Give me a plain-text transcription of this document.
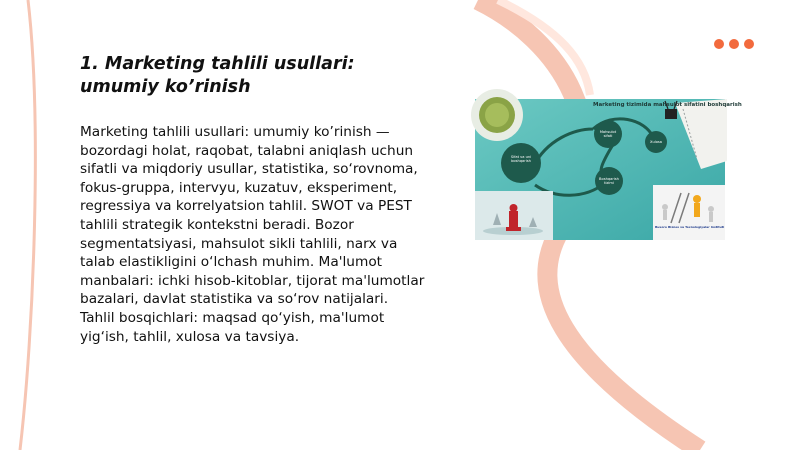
1. Marketing tahlili usullari: umumiy ko’rinish

Marketing tahlili usullari: umumiy ko’rinish — bozordagi holat, raqobat, talabni aniqlash uchun sifatli va miqdoriy usullar, statistika, so‘rovnoma, fokus-gruppa, intervyu, kuzatuv, eksperiment, regressiya va korrelyatsion tahlil. SWOT va PEST tahlili strategik kontekstni beradi. Bozor segmentatsiyasi, mahsulot sikli tahlili, narx va talab elastikligini o‘lchash muhim. Ma'lumot manbalari: ichki hisob-kitoblar, tijorat ma'lumotlar bazalari, davlat statistika va so‘rov natijalari. Tahlil bosqichlari: maqsad qo‘yish, ma'lumot yig‘ish, tahlil, xulosa va tavsiya.

Marketing tizimida mahsulot sifatini boshqarish
Sifat va uni boshqarish
Mahsulot sifati
Boshqarish tizimi
Xulosa
Buxoro Biznes va Texnologiyalar Instituti
